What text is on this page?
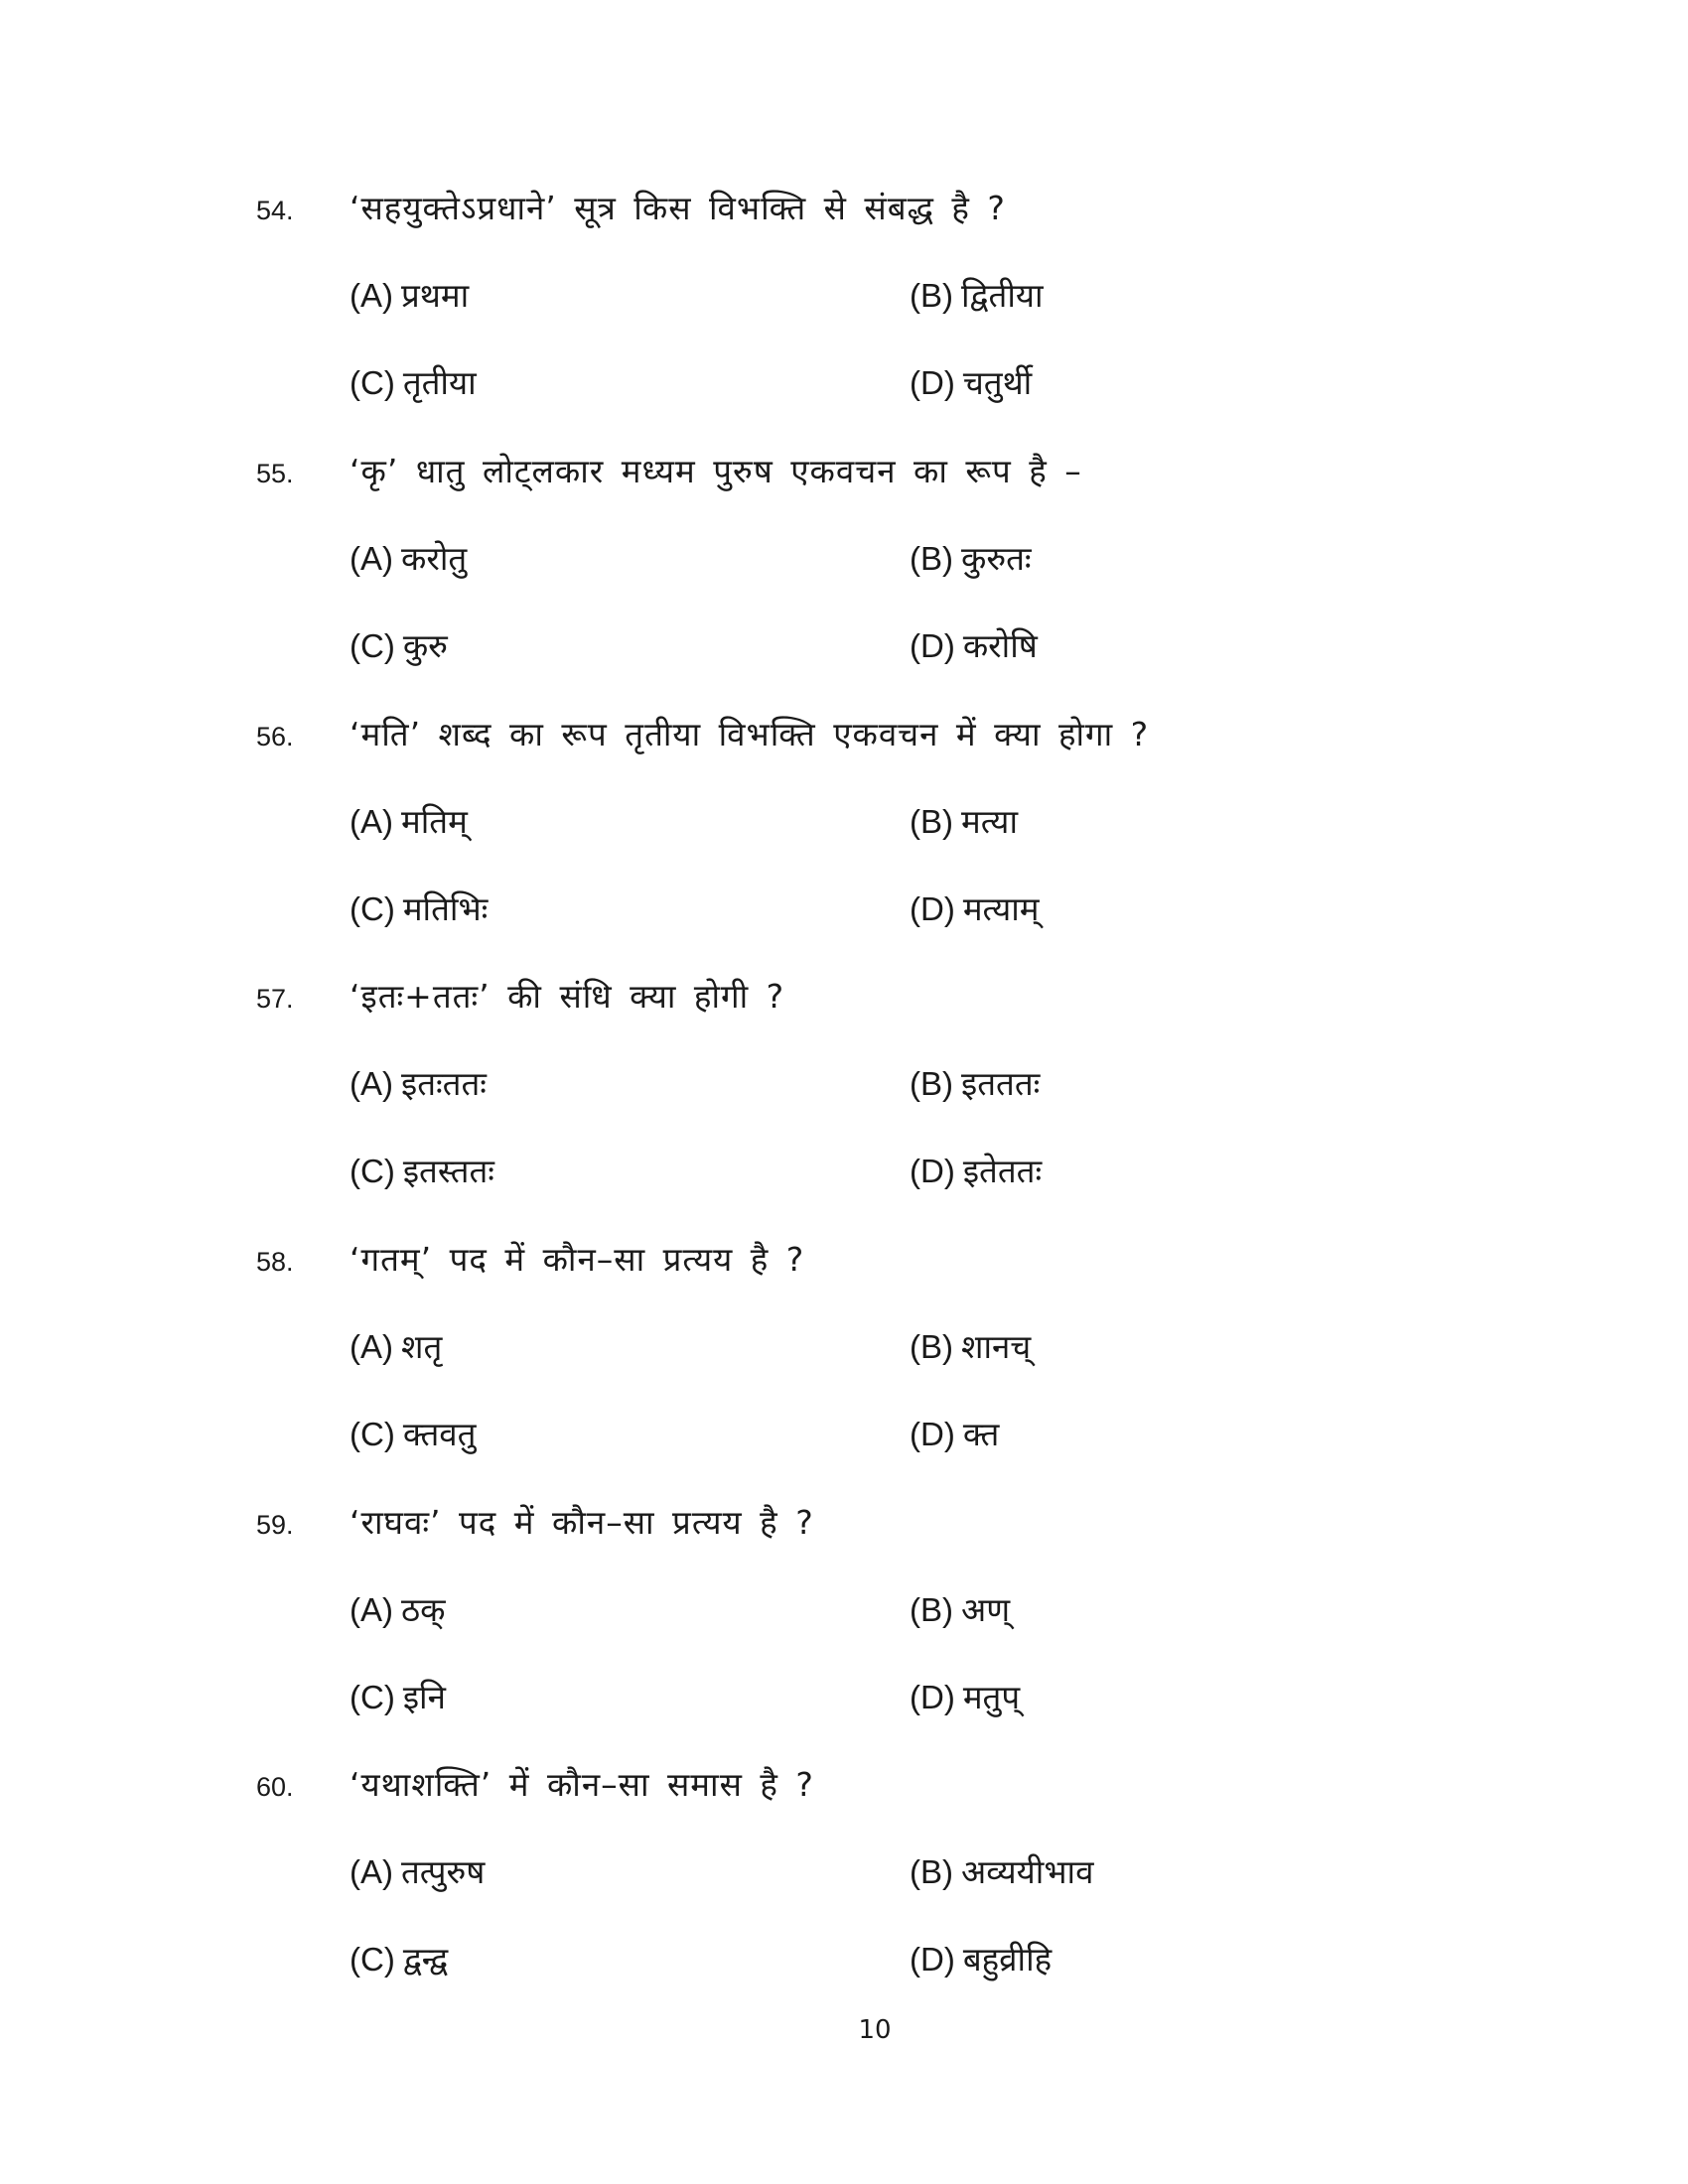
54. ‘सहयुक्तेऽप्रधाने’ सूत्र किस विभक्ति से संबद्ध है ?
(A) प्रथमा	(B) द्वितीया
(C) तृतीया	(D) चतुर्थी
55. ‘कृ’ धातु लोट्लकार मध्यम पुरुष एकवचन का रूप है –
(A) करोतु	(B) कुरुतः
(C) कुरु	(D) करोषि
56. ‘मति’ शब्द का रूप तृतीया विभक्ति एकवचन में क्या होगा ?
(A) मतिम्	(B) मत्या
(C) मतिभिः	(D) मत्याम्
57. ‘इतः+ततः’ की संधि क्या होगी ?
(A) इतःततः	(B) इतततः
(C) इतस्ततः	(D) इतेततः
58. ‘गतम्’ पद में कौन–सा प्रत्यय है ?
(A) शतृ	(B) शानच्
(C) क्तवतु	(D) क्त
59. ‘राघवः’ पद में कौन–सा प्रत्यय है ?
(A) ठक्	(B) अण्
(C) इनि	(D) मतुप्
60. ‘यथाशक्ति’ में कौन–सा समास है ?
(A) तत्पुरुष	(B) अव्ययीभाव
(C) द्वन्द्व	(D) बहुव्रीहि
10
